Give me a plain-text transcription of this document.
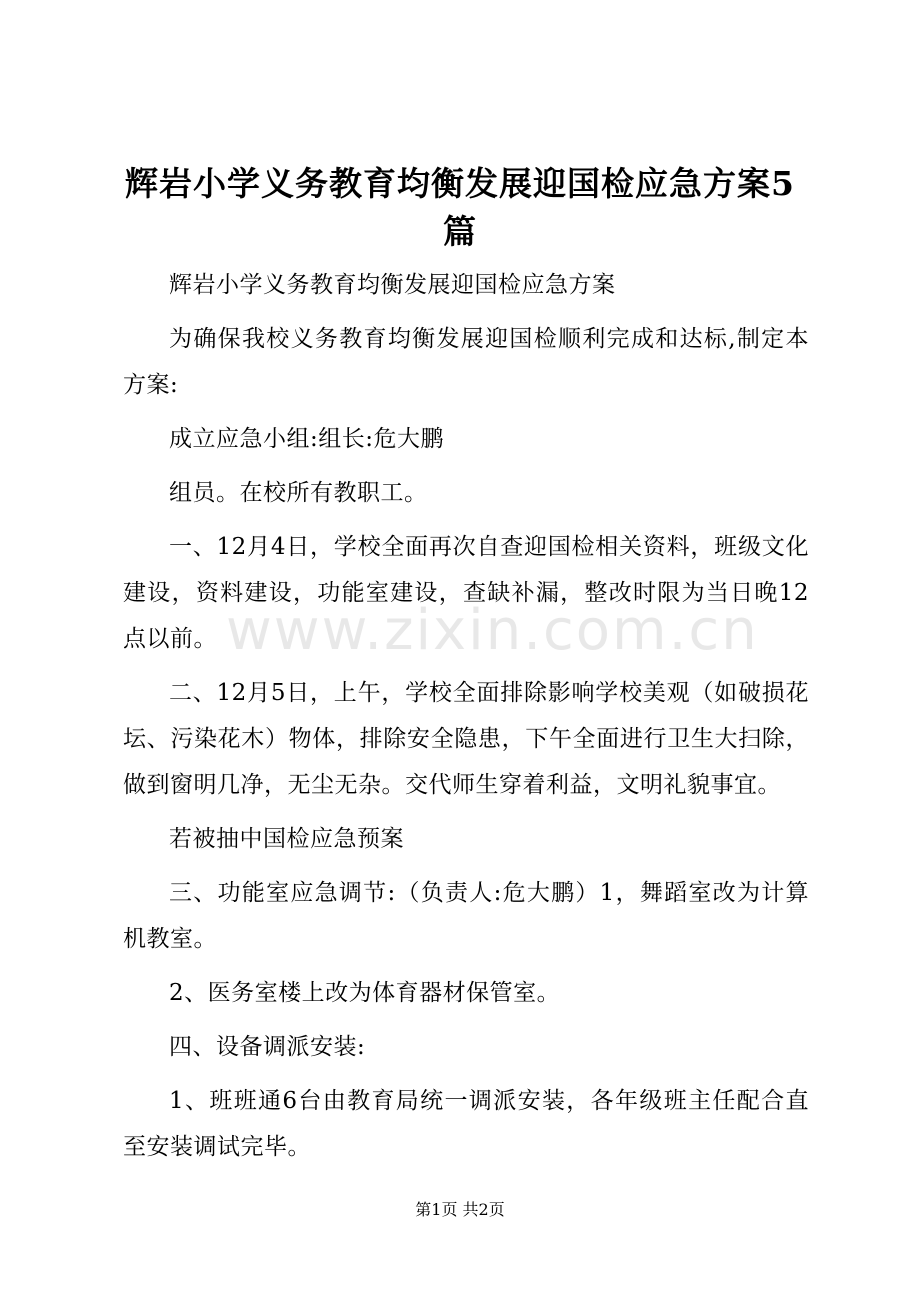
辉岩小学义务教育均衡发展迎国检应急方案5篇

辉岩小学义务教育均衡发展迎国检应急方案

为确保我校义务教育均衡发展迎国检顺利完成和达标,制定本方案:

成立应急小组:组长:危大鹏

组员。在校所有教职工。

一、12月4日，学校全面再次自查迎国检相关资料，班级文化建设，资料建设，功能室建设，查缺补漏，整改时限为当日晚12点以前。

二、12月5日，上午，学校全面排除影响学校美观（如破损花坛、污染花木）物体，排除安全隐患，下午全面进行卫生大扫除，做到窗明几净，无尘无杂。交代师生穿着利益，文明礼貌事宜。

若被抽中国检应急预案

三、功能室应急调节:（负责人:危大鹏）1，舞蹈室改为计算机教室。

2、医务室楼上改为体育器材保管室。

四、设备调派安装:

1、班班通6台由教育局统一调派安装，各年级班主任配合直至安装调试完毕。

www.zixin.com.cn
第1页 共2页
